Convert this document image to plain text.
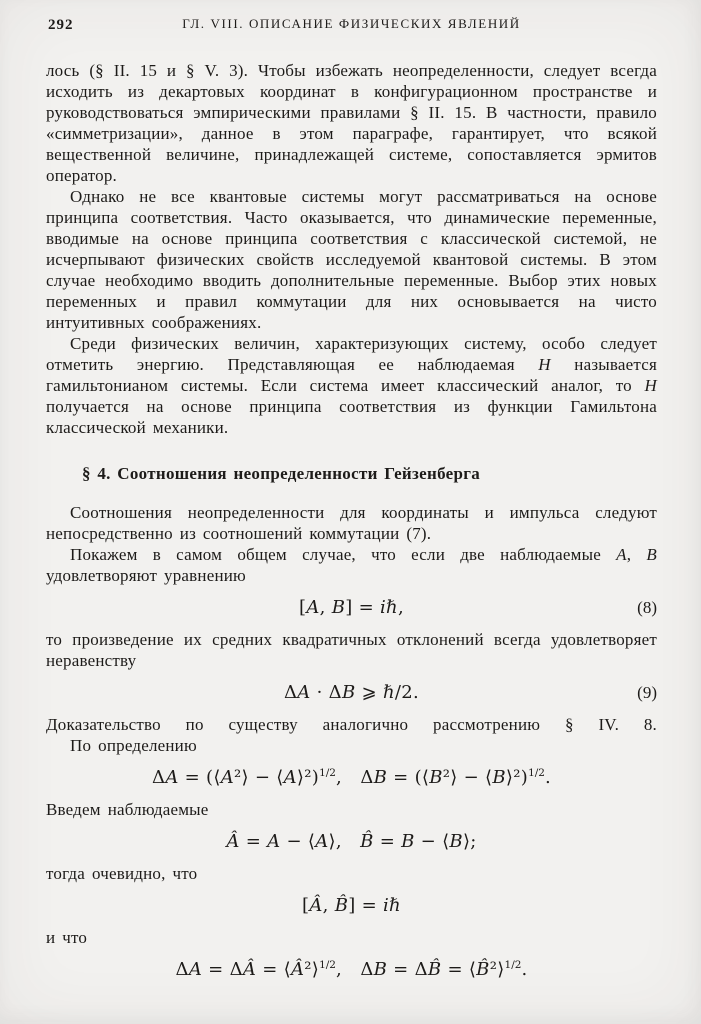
292	ГЛ. VIII. ОПИСАНИЕ ФИЗИЧЕСКИХ ЯВЛЕНИЙ

лось (§ II. 15 и § V. 3). Чтобы избежать неопределенности, следует всегда исходить из декартовых координат в конфигурационном пространстве и руководствоваться эмпирическими правилами § II. 15. В частности, правило «симметризации», данное в этом параграфе, гарантирует, что всякой вещественной величине, принадлежащей системе, сопоставляется эрмитов оператор.

Однако не все квантовые системы могут рассматриваться на основе принципа соответствия. Часто оказывается, что динамические переменные, вводимые на основе принципа соответствия с классической системой, не исчерпывают физических свойств исследуемой квантовой системы. В этом случае необходимо вводить дополнительные переменные. Выбор этих новых переменных и правил коммутации для них основывается на чисто интуитивных соображениях.

Среди физических величин, характеризующих систему, особо следует отметить энергию. Представляющая ее наблюдаемая H называется гамильтонианом системы. Если система имеет классический аналог, то H получается на основе принципа соответствия из функции Гамильтона классической механики.

§ 4. Соотношения неопределенности Гейзенберга

Соотношения неопределенности для координаты и импульса следуют непосредственно из соотношений коммутации (7).

Покажем в самом общем случае, что если две наблюдаемые A, B удовлетворяют уравнению

[A, B] = iℏ,	(8)

то произведение их средних квадратичных отклонений всегда удовлетворяет неравенству

ΔA · ΔB ⩾ ℏ/2.	(9)

Доказательство по существу аналогично рассмотрению § IV. 8.

По определению

ΔA = (⟨A²⟩ − ⟨A⟩²)$^{1/2}$, ΔB = (⟨B²⟩ − ⟨B⟩²)$^{1/2}$.

Введем наблюдаемые

Â = A − ⟨A⟩, B̂ = B − ⟨B⟩;

тогда очевидно, что

[Â, B̂] = iℏ

и что

ΔA = ΔÂ = ⟨Â²⟩$^{1/2}$, ΔB = ΔB̂ = ⟨B̂²⟩$^{1/2}$.
